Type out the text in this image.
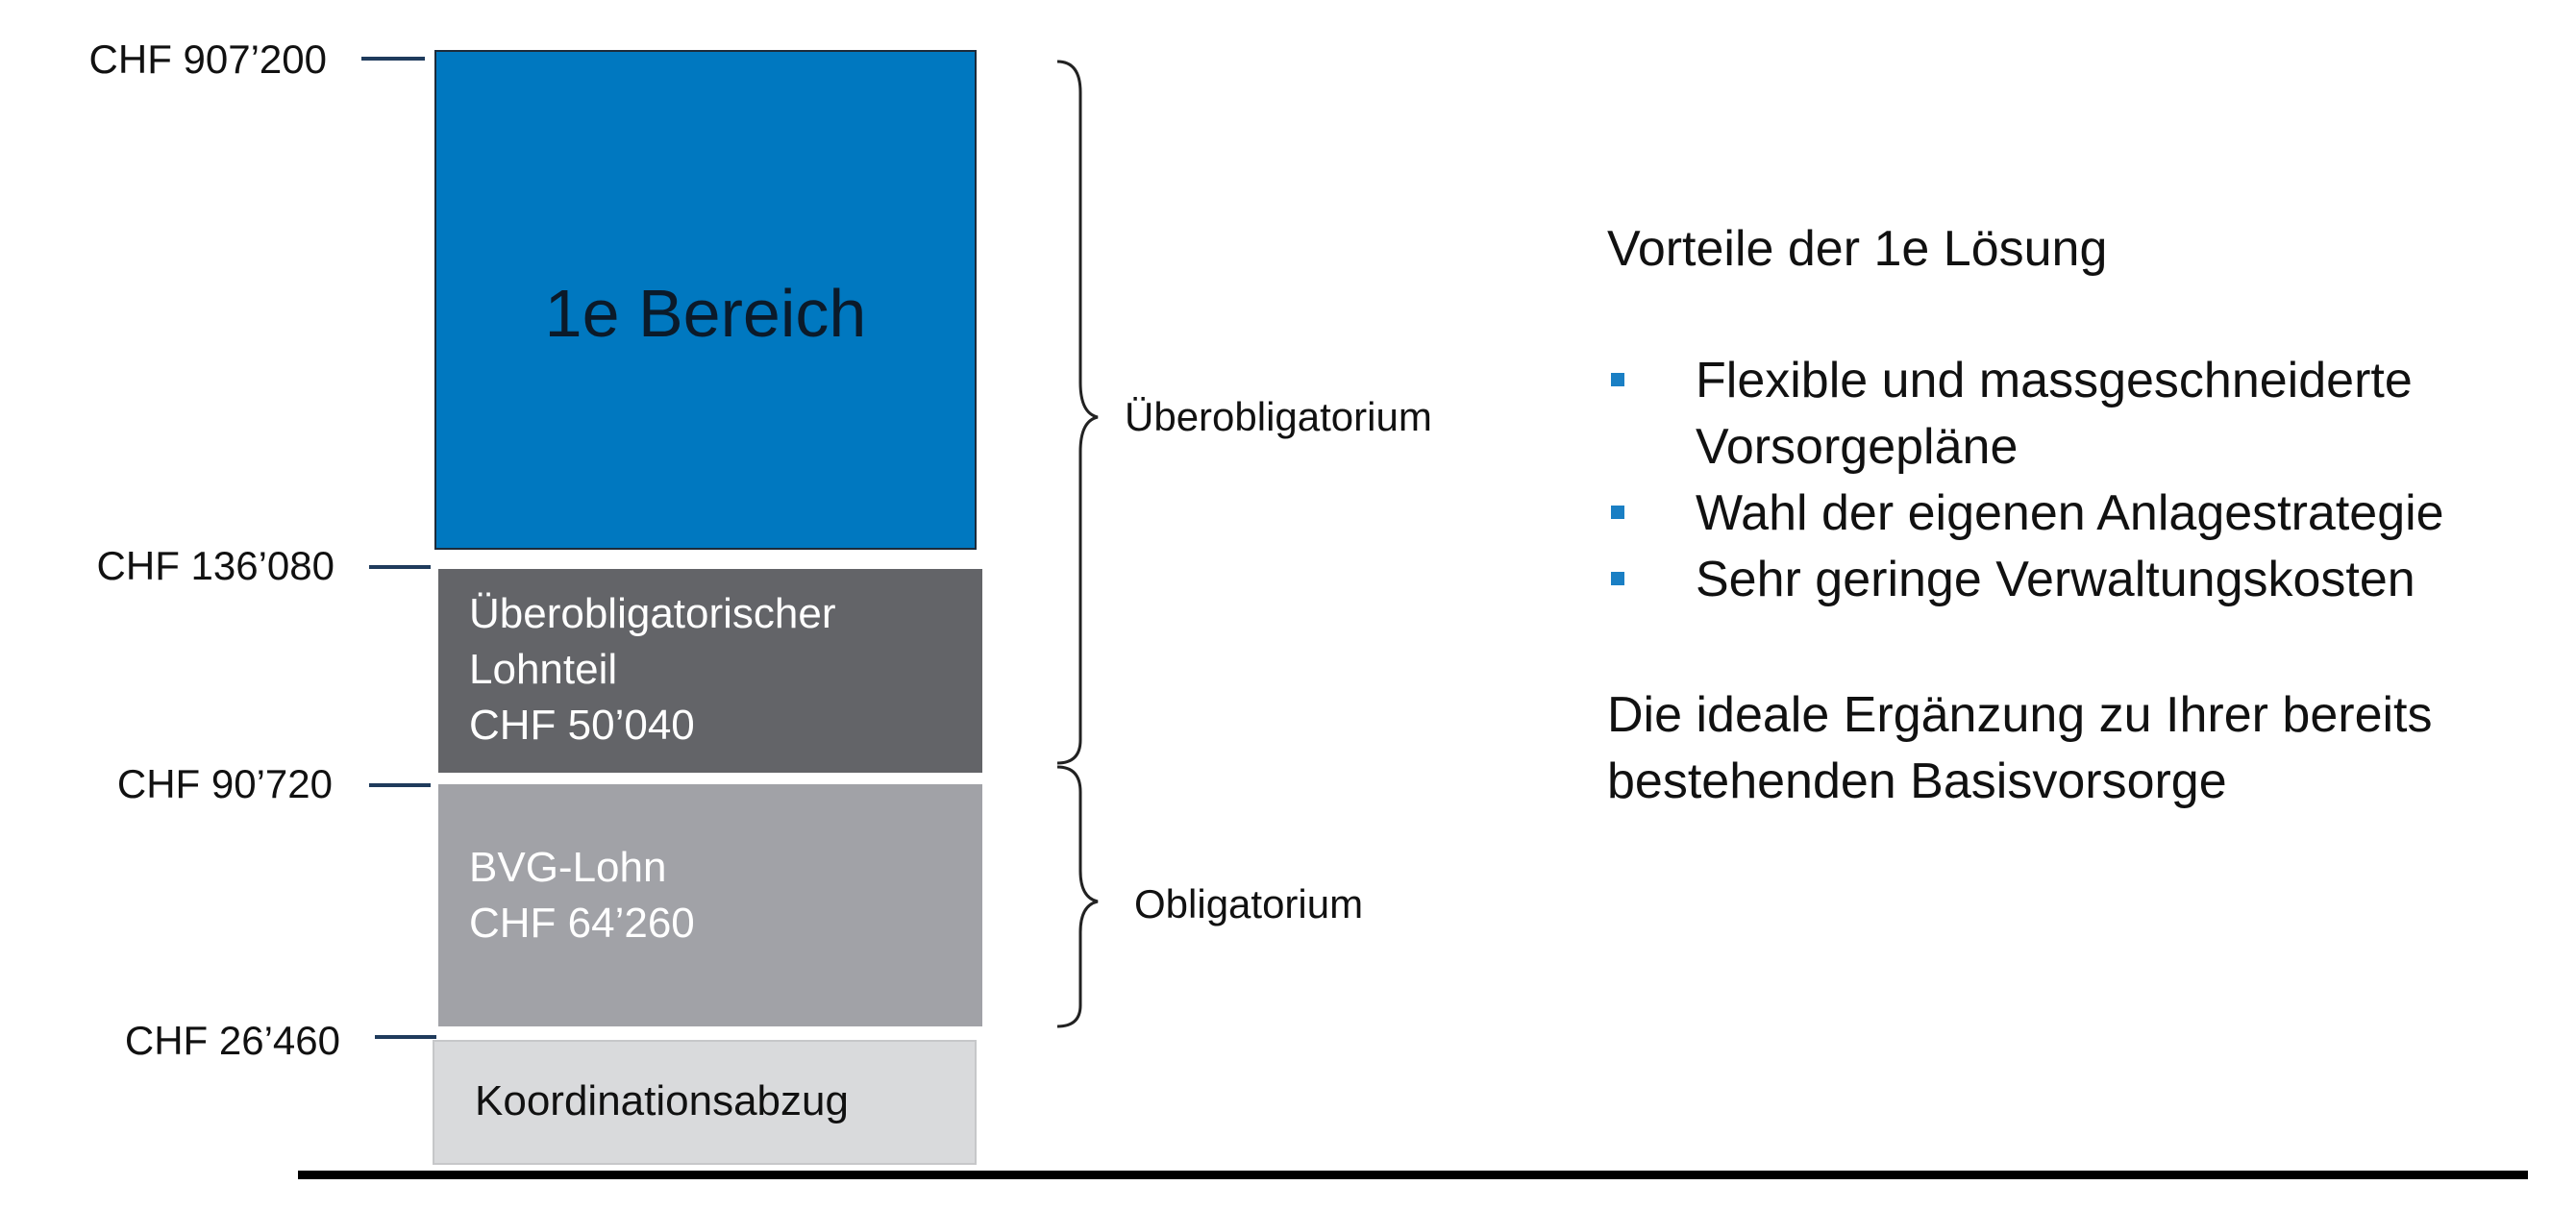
CHF 907’200
CHF 136’080
CHF 90’720
CHF 26’460
1e Bereich
Überobligatorischer
Lohnteil
CHF 50’040
BVG-Lohn
CHF 64’260
Koordinationsabzug
Überobligatorium
Obligatorium
Vorteile der 1e Lösung
Flexible und massgeschneiderte Vorsorgepläne
Wahl der eigenen Anlagestrategie
Sehr geringe Verwaltungskosten
Die ideale Ergänzung zu Ihrer bereits bestehenden Basisvorsorge
